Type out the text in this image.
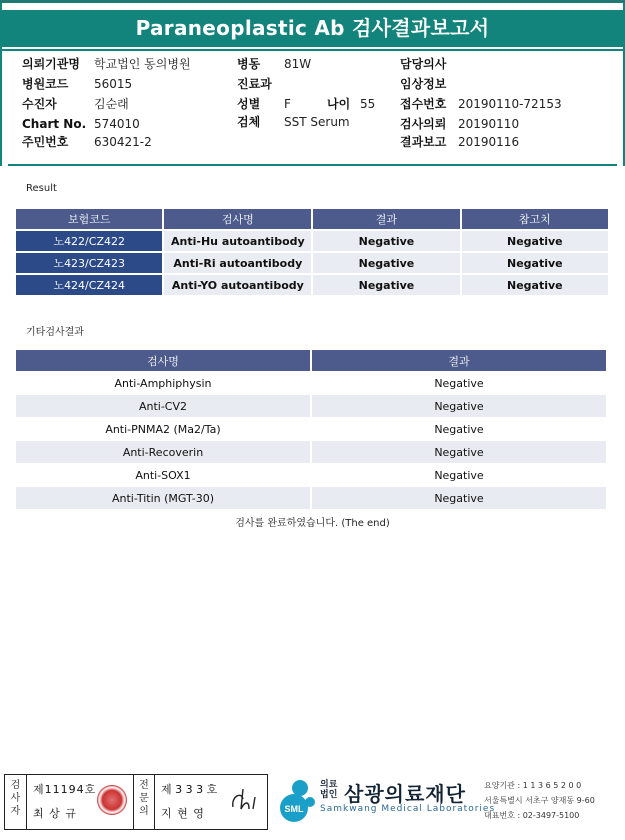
Paraneoplastic Ab 검사결과보고서
의뢰기관명 학교법인 동의병원
병원코드 56015
수진자	김순래
Chart No. 574010
주민번호 630421-2
병동 81W
진료과
성별 F	나이 55
검체 SST Serum
담당의사
임상정보
접수번호 20190110-72153
검사의뢰 20190110
결과보고 20190116
Result
보험코드	검사명	결과	참고치
노422/CZ422	Anti-Hu autoantibody	Negative	Negative
노423/CZ423	Anti-Ri autoantibody	Negative	Negative
노424/CZ424	Anti-YO autoantibody	Negative	Negative
기타검사결과
검사명	결과
Anti-Amphiphysin	Negative
Anti-CV2	Negative
Anti-PNMA2 (Ma2/Ta)	Negative
Anti-Recoverin	Negative
Anti-SOX1	Negative
Anti-Titin (MGT-30)	Negative
검사를 완료하였습니다. (The end)
검사자
제11194호
최 상 규
전문의
제 3 3 3 호
지 현 영	SML
의료
법인 삼광의료재단
Samkwang Medical Laboratories
요양기관 : 1 1 3 6 5 2 0 0
서울특별시 서초구 양재동 9-60
대표번호 : 02-3497-5100
